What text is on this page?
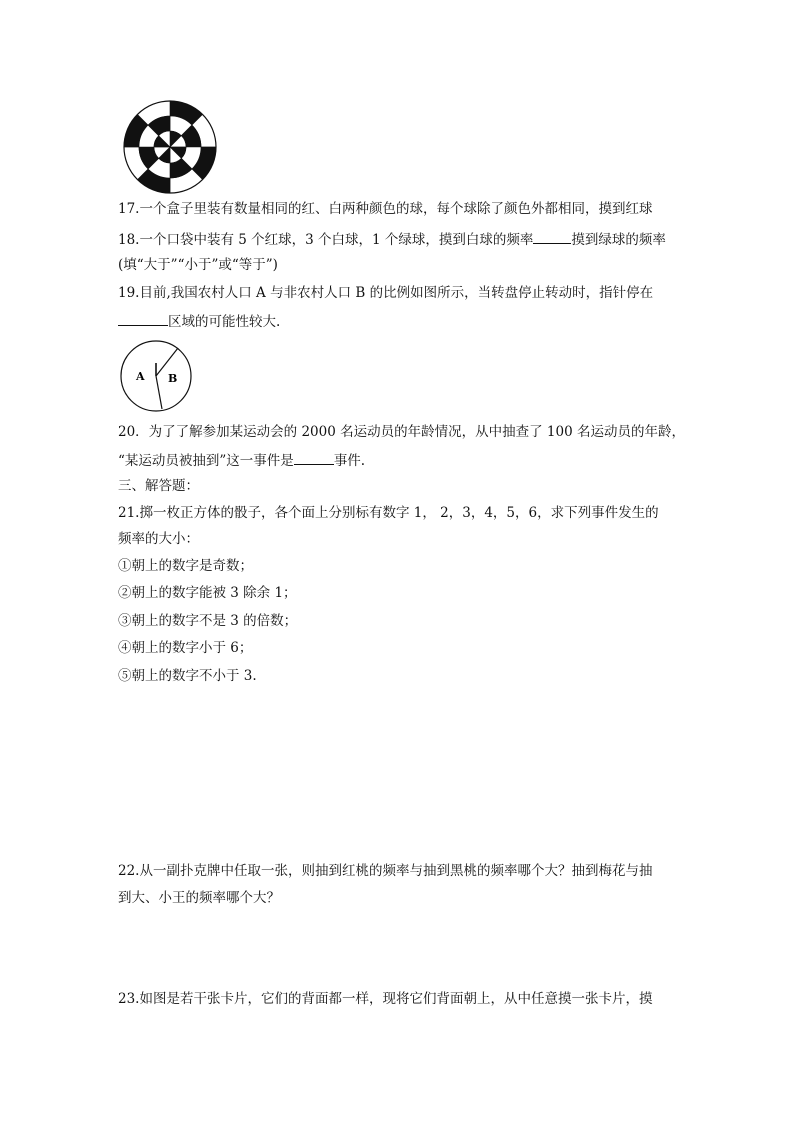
17.一个盒子里装有数量相同的红、白两种颜色的球，每个球除了颜色外都相同，摸到红球
18.一个口袋中装有 5 个红球，3 个白球，1 个绿球，摸到白球的频率	摸到绿球的频率
(填“大于”“小于”或“等于”)
19.目前,我国农村人口 A 与非农村人口 B 的比例如图所示，当转盘停止转动时，指针停在
区域的可能性较大.
A B
20．为了了解参加某运动会的 2000 名运动员的年龄情况，从中抽查了 100 名运动员的年龄，
“某运动员被抽到”这一事件是	事件.
三、解答题：
21.掷一枚正方体的骰子，各个面上分别标有数字 1， 2，3，4，5，6，求下列事件发生的
频率的大小：
①朝上的数字是奇数；
②朝上的数字能被 3 除余 1；
③朝上的数字不是 3 的倍数；
④朝上的数字小于 6；
⑤朝上的数字不小于 3.
22.从一副扑克牌中任取一张，则抽到红桃的频率与抽到黑桃的频率哪个大？抽到梅花与抽
到大、小王的频率哪个大？
23.如图是若干张卡片，它们的背面都一样，现将它们背面朝上，从中任意摸一张卡片，摸
